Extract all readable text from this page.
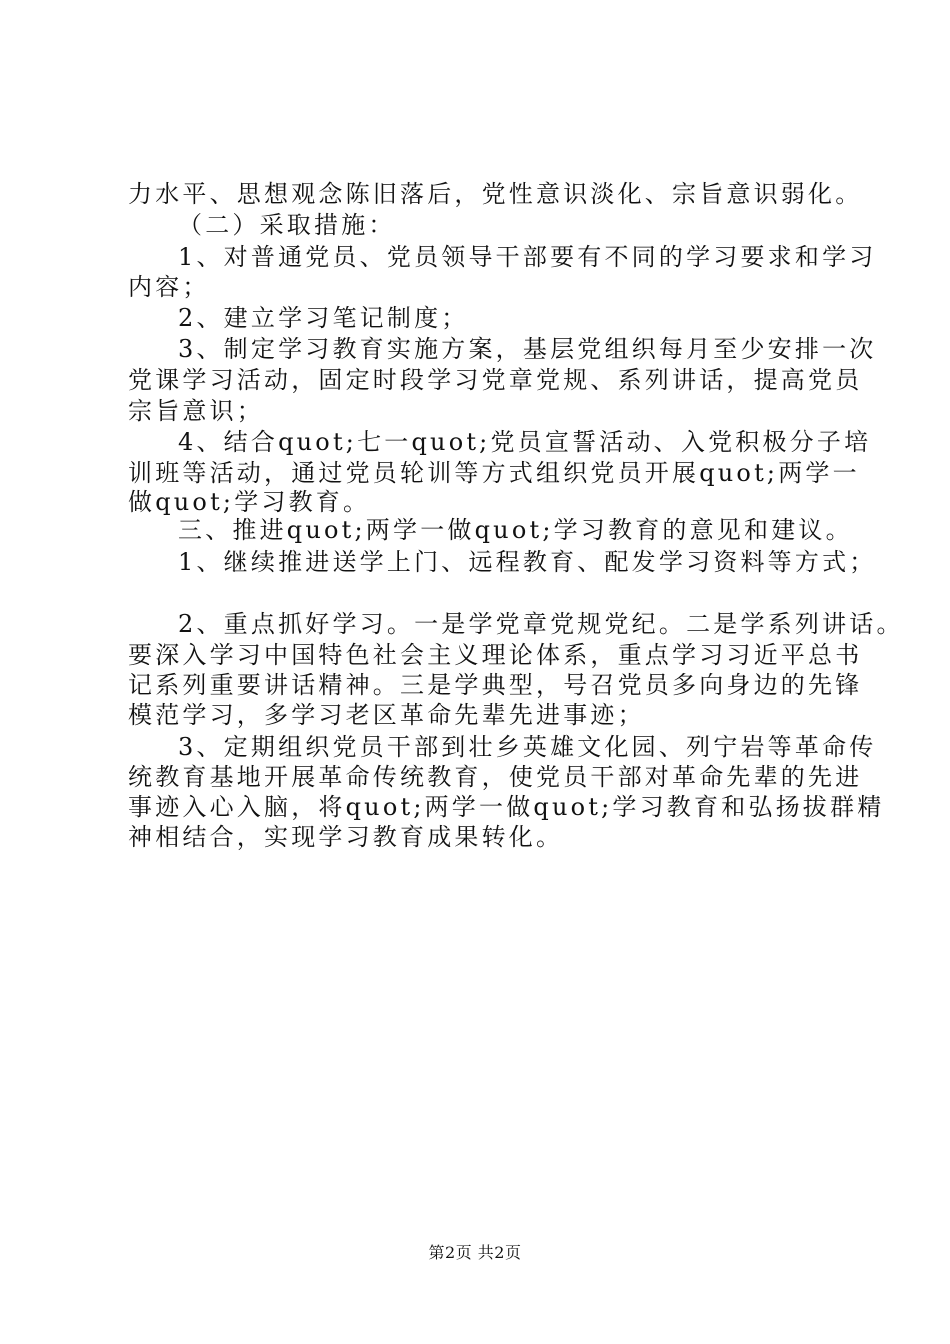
力水平、思想观念陈旧落后，党性意识淡化、宗旨意识弱化。
（二）采取措施：
1、对普通党员、党员领导干部要有不同的学习要求和学习
内容；
2、建立学习笔记制度；
3、制定学习教育实施方案，基层党组织每月至少安排一次
党课学习活动，固定时段学习党章党规、系列讲话，提高党员
宗旨意识；
4、结合quot;七一quot;党员宣誓活动、入党积极分子培
训班等活动，通过党员轮训等方式组织党员开展quot;两学一
做quot;学习教育。
三、推进quot;两学一做quot;学习教育的意见和建议。
1、继续推进送学上门、远程教育、配发学习资料等方式；
2、重点抓好学习。一是学党章党规党纪。二是学系列讲话。
要深入学习中国特色社会主义理论体系，重点学习习近平总书
记系列重要讲话精神。三是学典型，号召党员多向身边的先锋
模范学习，多学习老区革命先辈先进事迹；
3、定期组织党员干部到壮乡英雄文化园、列宁岩等革命传
统教育基地开展革命传统教育，使党员干部对革命先辈的先进
事迹入心入脑，将quot;两学一做quot;学习教育和弘扬拔群精
神相结合，实现学习教育成果转化。
第2页 共2页
